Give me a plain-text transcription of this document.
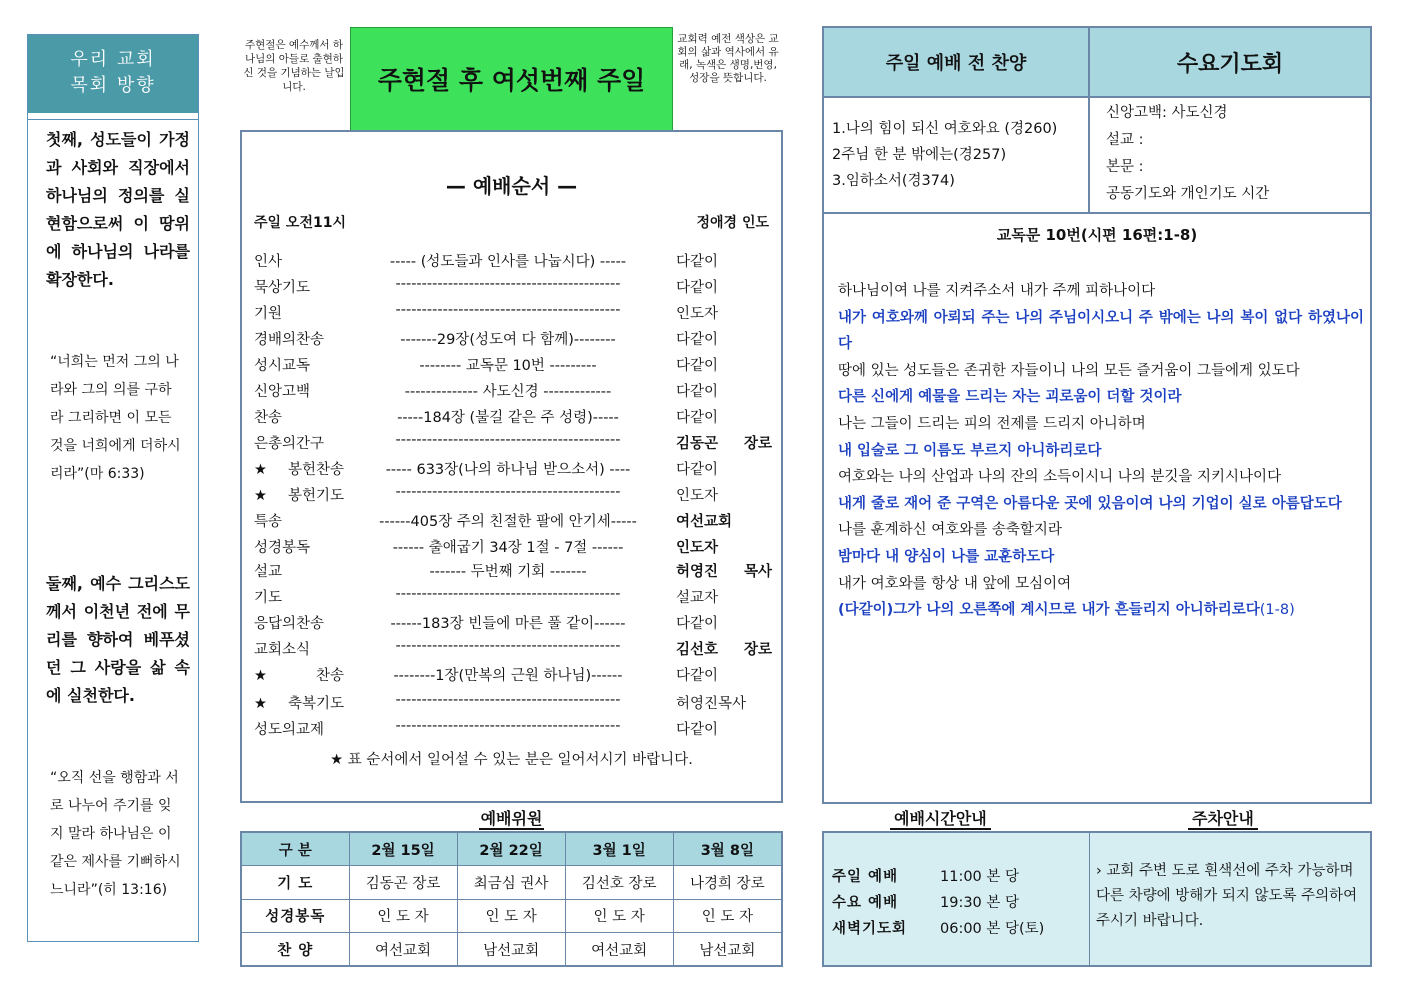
우리 교회
목회 방향
첫째, 성도들이 가정과 사회와 직장에서 하나님의 정의를 실현함으로써 이 땅위에 하나님의 나라를 확장한다.
“너희는 먼저 그의 나라와 그의 의를 구하라 그리하면 이 모든 것을 너희에게 더하시리라”(마 6:33)
둘째, 예수 그리스도께서 이천년 전에 무리를 향하여 베푸셨던 그 사랑을 삶 속에 실천한다.
“오직 선을 행함과 서로 나누어 주기를 잊지 말라 하나님은 이 같은 제사를 기뻐하시느니라”(히 13:16)
주현절은 예수께서 하나님의 아들로 출현하신 것을 기념하는 날입니다.	주현절 후 여섯번째 주일
교회력 예전 색상은 교회의 삶과 역사에서 유래, 녹색은 생명,번영, 성장을 뜻합니다.
— 예배순서 —
주일 오전11시	정애경 인도
인사	----- (성도들과 인사를 나눕시다) -----	다같이
묵상기도	-------------------------------------------	다같이
기원	-------------------------------------------	인도자
경배의찬송	-------29장(성도여 다 함께)--------	다같이
성시교독	-------- 교독문 10번 ---------	다같이
신앙고백	-------------- 사도신경 -------------	다같이
찬송	-----184장 (불길 같은 주 성령)-----	다같이
은총의간구	-------------------------------------------	김동곤 장로
★봉헌찬송	----- 633장(나의 하나님 받으소서) ----	다같이
★봉헌기도	-------------------------------------------	인도자
특송	------405장 주의 친절한 팔에 안기세-----	여선교회
성경봉독	------ 출애굽기 34장 1절 - 7절 ------	인도자
설교	------- 두번째 기회 -------	허영진 목사
기도	-------------------------------------------	설교자
응답의찬송	------183장 빈들에 마른 풀 같이------	다같이
교회소식	-------------------------------------------	김선호 장로
★찬송	--------1장(만복의 근원 하나님)------	다같이
★축복기도	-------------------------------------------	허영진목사
성도의교제	-------------------------------------------	다같이
★ 표 순서에서 일어설 수 있는 분은 일어서시기 바랍니다.
예배위원
구 분	2월 15일	2월 22일	3월 1일	3월 8일
기 도	김동곤 장로	최금심 권사	김선호 장로	나경희 장로
성경봉독	인 도 자	인 도 자	인 도 자	인 도 자
찬 양	여선교회	남선교회	여선교회	남선교회
주일 예배 전 찬양	수요기도회
1.나의 힘이 되신 여호와요 (경260)
2주님 한 분 밖에는(경257)
3.임하소서(경374)
신앙고백: 사도신경
설교 :
본문 :
공동기도와 개인기도 시간
교독문 10번(시편 16편:1-8)
하나님이여 나를 지켜주소서 내가 주께 피하나이다
내가 여호와께 아뢰되 주는 나의 주님이시오니 주 밖에는 나의 복이 없다 하였나이다
땅에 있는 성도들은 존귀한 자들이니 나의 모든 즐거움이 그들에게 있도다
다른 신에게 예물을 드리는 자는 괴로움이 더할 것이라
나는 그들이 드리는 피의 전제를 드리지 아니하며
내 입술로 그 이름도 부르지 아니하리로다
여호와는 나의 산업과 나의 잔의 소득이시니 나의 분깃을 지키시나이다
내게 줄로 재어 준 구역은 아름다운 곳에 있음이여 나의 기업이 실로 아름답도다
나를 훈계하신 여호와를 송축할지라
밤마다 내 양심이 나를 교훈하도다
내가 여호와를 항상 내 앞에 모심이여
(다같이)그가 나의 오른쪽에 계시므로 내가 흔들리지 아니하리로다(1-8)
예배시간안내	주차안내
주일 예배	11:00 본 당
수요 예배	19:30 본 당
새벽기도회	06:00 본 당(토)
› 교회 주변 도로 흰색선에 주차 가능하며 다른 차량에 방해가 되지 않도록 주의하여 주시기 바랍니다.
